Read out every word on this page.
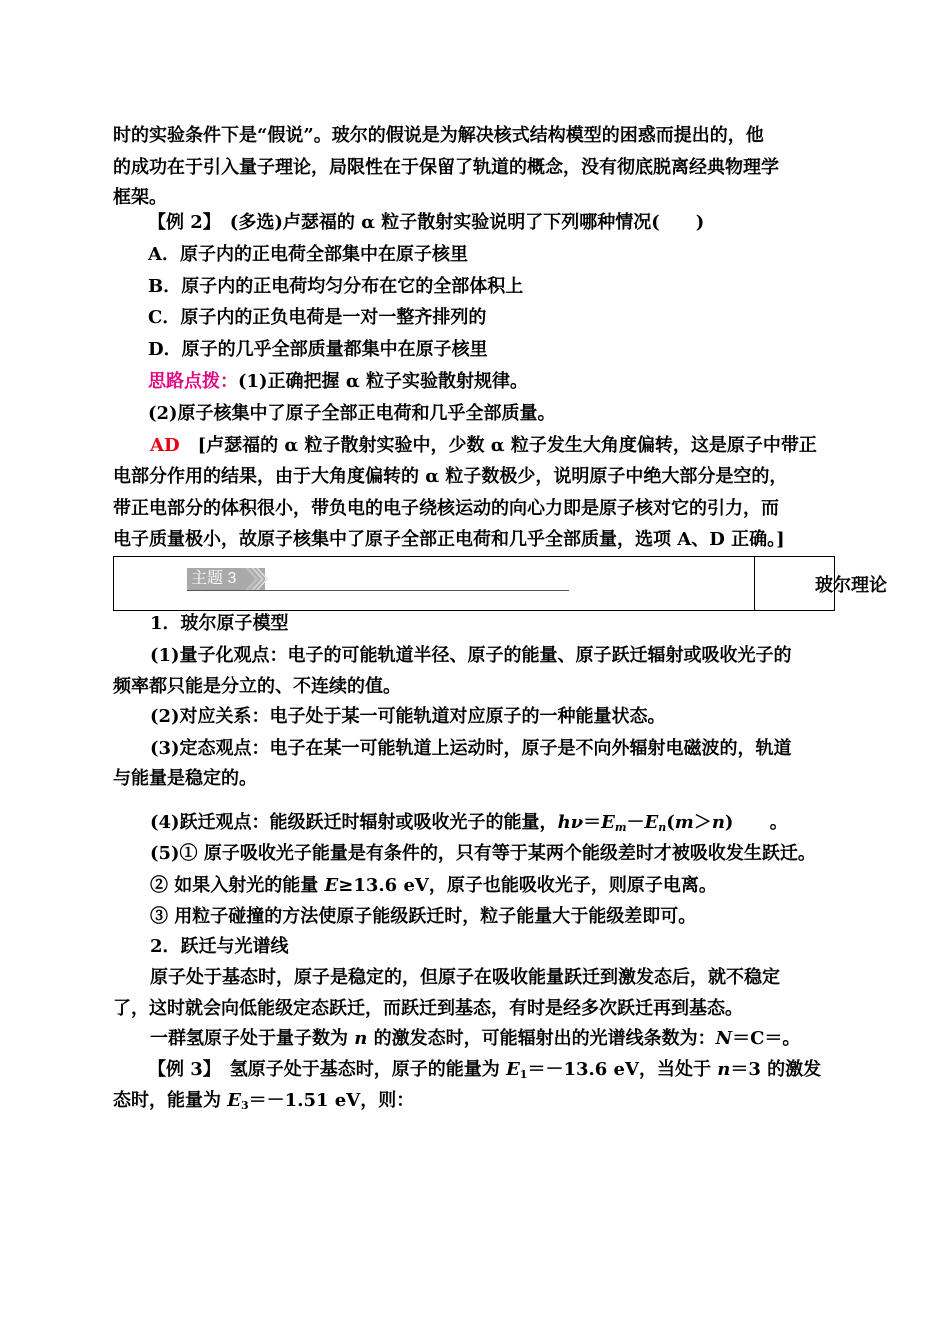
时的实验条件下是“假说”。玻尔的假说是为解决核式结构模型的困惑而提出的，他
的成功在于引入量子理论，局限性在于保留了轨道的概念，没有彻底脱离经典物理学
框架。
【例 2】　 (多选)卢瑟福的 α 粒子散射实验说明了下列哪种情况(　　)
A．原子内的正电荷全部集中在原子核里
B．原子内的正电荷均匀分布在它的全部体积上
C．原子内的正负电荷是一对一整齐排列的
D．原子的几乎全部质量都集中在原子核里
思路点拨：(1)正确把握 α 粒子实验散射规律。
(2)原子核集中了原子全部正电荷和几乎全部质量。
AD　 [卢瑟福的 α 粒子散射实验中，少数 α 粒子发生大角度偏转，这是原子中带正
电部分作用的结果，由于大角度偏转的 α 粒子数极少，说明原子中绝大部分是空的，
带正电部分的体积很小，带负电的电子绕核运动的向心力即是原子核对它的引力，而
电子质量极小，故原子核集中了原子全部正电荷和几乎全部质量，选项 A、D 正确。]
主题 3	玻尔理论
1．玻尔原子模型
(1)量子化观点：电子的可能轨道半径、原子的能量、原子跃迁辐射或吸收光子的
频率都只能是分立的、不连续的值。
(2)对应关系：电子处于某一可能轨道对应原子的一种能量状态。
(3)定态观点：电子在某一可能轨道上运动时，原子是不向外辐射电磁波的，轨道
与能量是稳定的。
(4)跃迁观点：能级跃迁时辐射或吸收光子的能量，$h\nu=E_m-E_n(m>n)$ 。
(5)① 原子吸收光子能量是有条件的，只有等于某两个能级差时才被吸收发生跃迁。
② 如果入射光的能量 E≥13.6 eV，原子也能吸收光子，则原子电离。
③ 用粒子碰撞的方法使原子能级跃迁时，粒子能量大于能级差即可。
2．跃迁与光谱线
原子处于基态时，原子是稳定的，但原子在吸收能量跃迁到激发态后，就不稳定
了，这时就会向低能级定态跃迁，而跃迁到基态，有时是经多次跃迁再到基态。
一群氢原子处于量子数为 n 的激发态时，可能辐射出的光谱线条数为：N＝C＝。
【例 3】　 氢原子处于基态时，原子的能量为 $E_1=-13.6$ eV，当处于 n＝3 的激发
态时，能量为 $E_3=-1.51$ eV，则：
